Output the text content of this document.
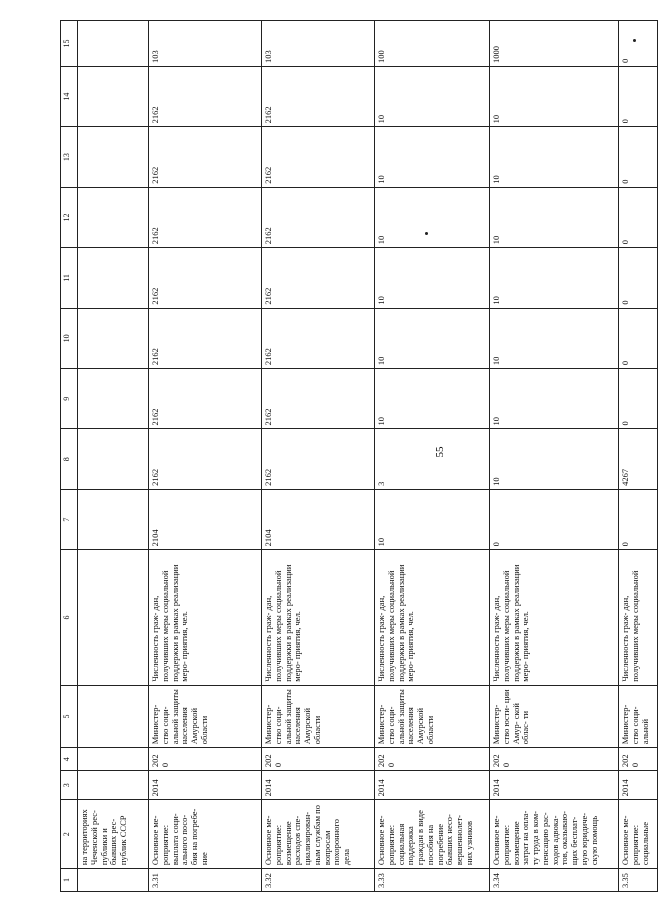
55
1	2	3	4	5	6	7	8	9	10	11	12	13	14	15
	на территориях Чеченской рес- публики и бывших рес- публик СССР													
3.31	Основное ме- роприятие: выплата соци- ального посо- бия на погребе- ние	2014	2020	Министер- ство соци- альной защиты населения Амурской области	Численность граж- дан, получивших меры социальной поддержки в рамках реализации меро- приятия, чел.	2104	2162	2162	2162	2162	2162	2162	2162	103
3.32	Основное ме- роприятие: возмещение расходов спе- циализирован- ным службам по вопросам похоронного дела	2014	2020	Министер- ство соци- альной защиты населения Амурской области	Численность граж- дан, получивших меры социальной поддержки в рамках реализации меро- приятия, чел.	2104	2162	2162	2162	2162	2162	2162	2162	103
3.33	Основное ме- роприятие: социальная поддержка граждан в виде пособия на погребение бывших несо- вершеннолет- них узников	2014	2020	Министер- ство соци- альной защиты населения Амурской области	Численность граж- дан, получивших меры социальной поддержки в рамках реализации меро- приятия, чел.	10	3	10	10	10	10	10	10	100
3.34	Основное ме- роприятие: возмещение затрат на опла- ту труда в ком- пенсацию рас- ходов адвока- тов, оказываю- щих бесплат- ную юридиче- скую помощь	2014	2020	Министер- ство юсти- ции Амур- ской облас- ти	Численность граж- дан, получивших меры социальной поддержки в рамках реализации меро- приятия, чел.	0	10	10	10	10	10	10	10	1000
3.35	Основное ме- роприятие: социальные	2014	2020	Министер- ство соци- альной	Численность граж- дан, получивших меры социальной	0	4267	0	0	0	0	0	0	0
